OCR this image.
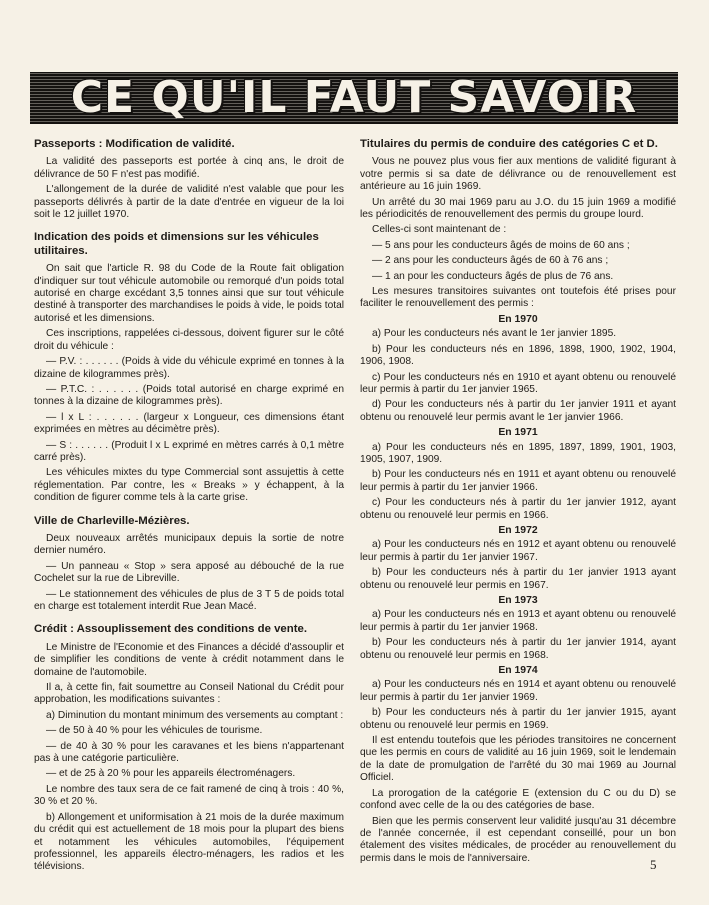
CE QU'IL FAUT SAVOIR
Passeports : Modification de validité.

La validité des passeports est portée à cinq ans, le droit de délivrance de 50 F n'est pas modifié.

L'allongement de la durée de validité n'est valable que pour les passeports délivrés à partir de la date d'entrée en vigueur de la loi soit le 12 juillet 1970.

Indication des poids et dimensions sur les véhicules utilitaires.

On sait que l'article R. 98 du Code de la Route fait obligation d'indiquer sur tout véhicule automobile ou remorqué d'un poids total autorisé en charge excédant 3,5 tonnes ainsi que sur tout véhicule destiné à transporter des marchandises le poids à vide, le poids total autorisé et les dimensions.

Ces inscriptions, rappelées ci-dessous, doivent figurer sur le côté droit du véhicule :

— P.V. : . . . . . . (Poids à vide du véhicule exprimé en tonnes à la dizaine de kilogrammes près).

— P.T.C. : . . . . . . (Poids total autorisé en charge exprimé en tonnes à la dizaine de kilogrammes près).

— l x L : . . . . . . (largeur x Longueur, ces dimensions étant exprimées en mètres au décimètre près).

— S : . . . . . . (Produit l x L exprimé en mètres carrés à 0,1 mètre carré près).

Les véhicules mixtes du type Commercial sont assujettis à cette réglementation. Par contre, les « Breaks » y échappent, à la condition de figurer comme tels à la carte grise.

Ville de Charleville-Mézières.

Deux nouveaux arrêtés municipaux depuis la sortie de notre dernier numéro.

— Un panneau « Stop » sera apposé au débouché de la rue Cochelet sur la rue de Libreville.

— Le stationnement des véhicules de plus de 3 T 5 de poids total en charge est totalement interdit Rue Jean Macé.

Crédit : Assouplissement des conditions de vente.

Le Ministre de l'Economie et des Finances a décidé d'assouplir et de simplifier les conditions de vente à crédit notamment dans le domaine de l'automobile.

Il a, à cette fin, fait soumettre au Conseil National du Crédit pour approbation, les modifications suivantes :

a) Diminution du montant minimum des versements au comptant :

— de 50 à 40 % pour les véhicules de tourisme.

— de 40 à 30 % pour les caravanes et les biens n'appartenant pas à une catégorie particulière.

— et de 25 à 20 % pour les appareils électroménagers.

Le nombre des taux sera de ce fait ramené de cinq à trois : 40 %, 30 % et 20 %.

b) Allongement et uniformisation à 21 mois de la durée maximum du crédit qui est actuellement de 18 mois pour la plupart des biens et notamment les véhicules automobiles, l'équipement professionnel, les appareils électro-ménagers, les radios et les télévisions.

Titulaires du permis de conduire des catégories C et D.

Vous ne pouvez plus vous fier aux mentions de validité figurant à votre permis si sa date de délivrance ou de renouvellement est antérieure au 16 juin 1969.

Un arrêté du 30 mai 1969 paru au J.O. du 15 juin 1969 a modifié les périodicités de renouvellement des permis du groupe lourd.

Celles-ci sont maintenant de :

— 5 ans pour les conducteurs âgés de moins de 60 ans ;

— 2 ans pour les conducteurs âgés de 60 à 76 ans ;

— 1 an pour les conducteurs âgés de plus de 76 ans.

Les mesures transitoires suivantes ont toutefois été prises pour faciliter le renouvellement des permis :

En 1970

a) Pour les conducteurs nés avant le 1er janvier 1895.

b) Pour les conducteurs nés en 1896, 1898, 1900, 1902, 1904, 1906, 1908.

c) Pour les conducteurs nés en 1910 et ayant obtenu ou renouvelé leur permis à partir du 1er janvier 1965.

d) Pour les conducteurs nés à partir du 1er janvier 1911 et ayant obtenu ou renouvelé leur permis avant le 1er janvier 1966.

En 1971

a) Pour les conducteurs nés en 1895, 1897, 1899, 1901, 1903, 1905, 1907, 1909.

b) Pour les conducteurs nés en 1911 et ayant obtenu ou renouvelé leur permis à partir du 1er janvier 1966.

c) Pour les conducteurs nés à partir du 1er janvier 1912, ayant obtenu ou renouvelé leur permis en 1966.

En 1972

a) Pour les conducteurs nés en 1912 et ayant obtenu ou renouvelé leur permis à partir du 1er janvier 1967.

b) Pour les conducteurs nés à partir du 1er janvier 1913 ayant obtenu ou renouvelé leur permis en 1967.

En 1973

a) Pour les conducteurs nés en 1913 et ayant obtenu ou renouvelé leur permis à partir du 1er janvier 1968.

b) Pour les conducteurs nés à partir du 1er janvier 1914, ayant obtenu ou renouvelé leur permis en 1968.

En 1974

a) Pour les conducteurs nés en 1914 et ayant obtenu ou renouvelé leur permis à partir du 1er janvier 1969.

b) Pour les conducteurs nés à partir du 1er janvier 1915, ayant obtenu ou renouvelé leur permis en 1969.

Il est entendu toutefois que les périodes transitoires ne concernent que les permis en cours de validité au 16 juin 1969, soit le lendemain de la date de promulgation de l'arrêté du 30 mai 1969 au Journal Officiel.

La prorogation de la catégorie E (extension du C ou du D) se confond avec celle de la ou des catégories de base.

Bien que les permis conservent leur validité jusqu'au 31 décembre de l'année concernée, il est cependant conseillé, pour un bon étalement des visites médicales, de procéder au renouvellement du permis dans le mois de l'anniversaire.	5
